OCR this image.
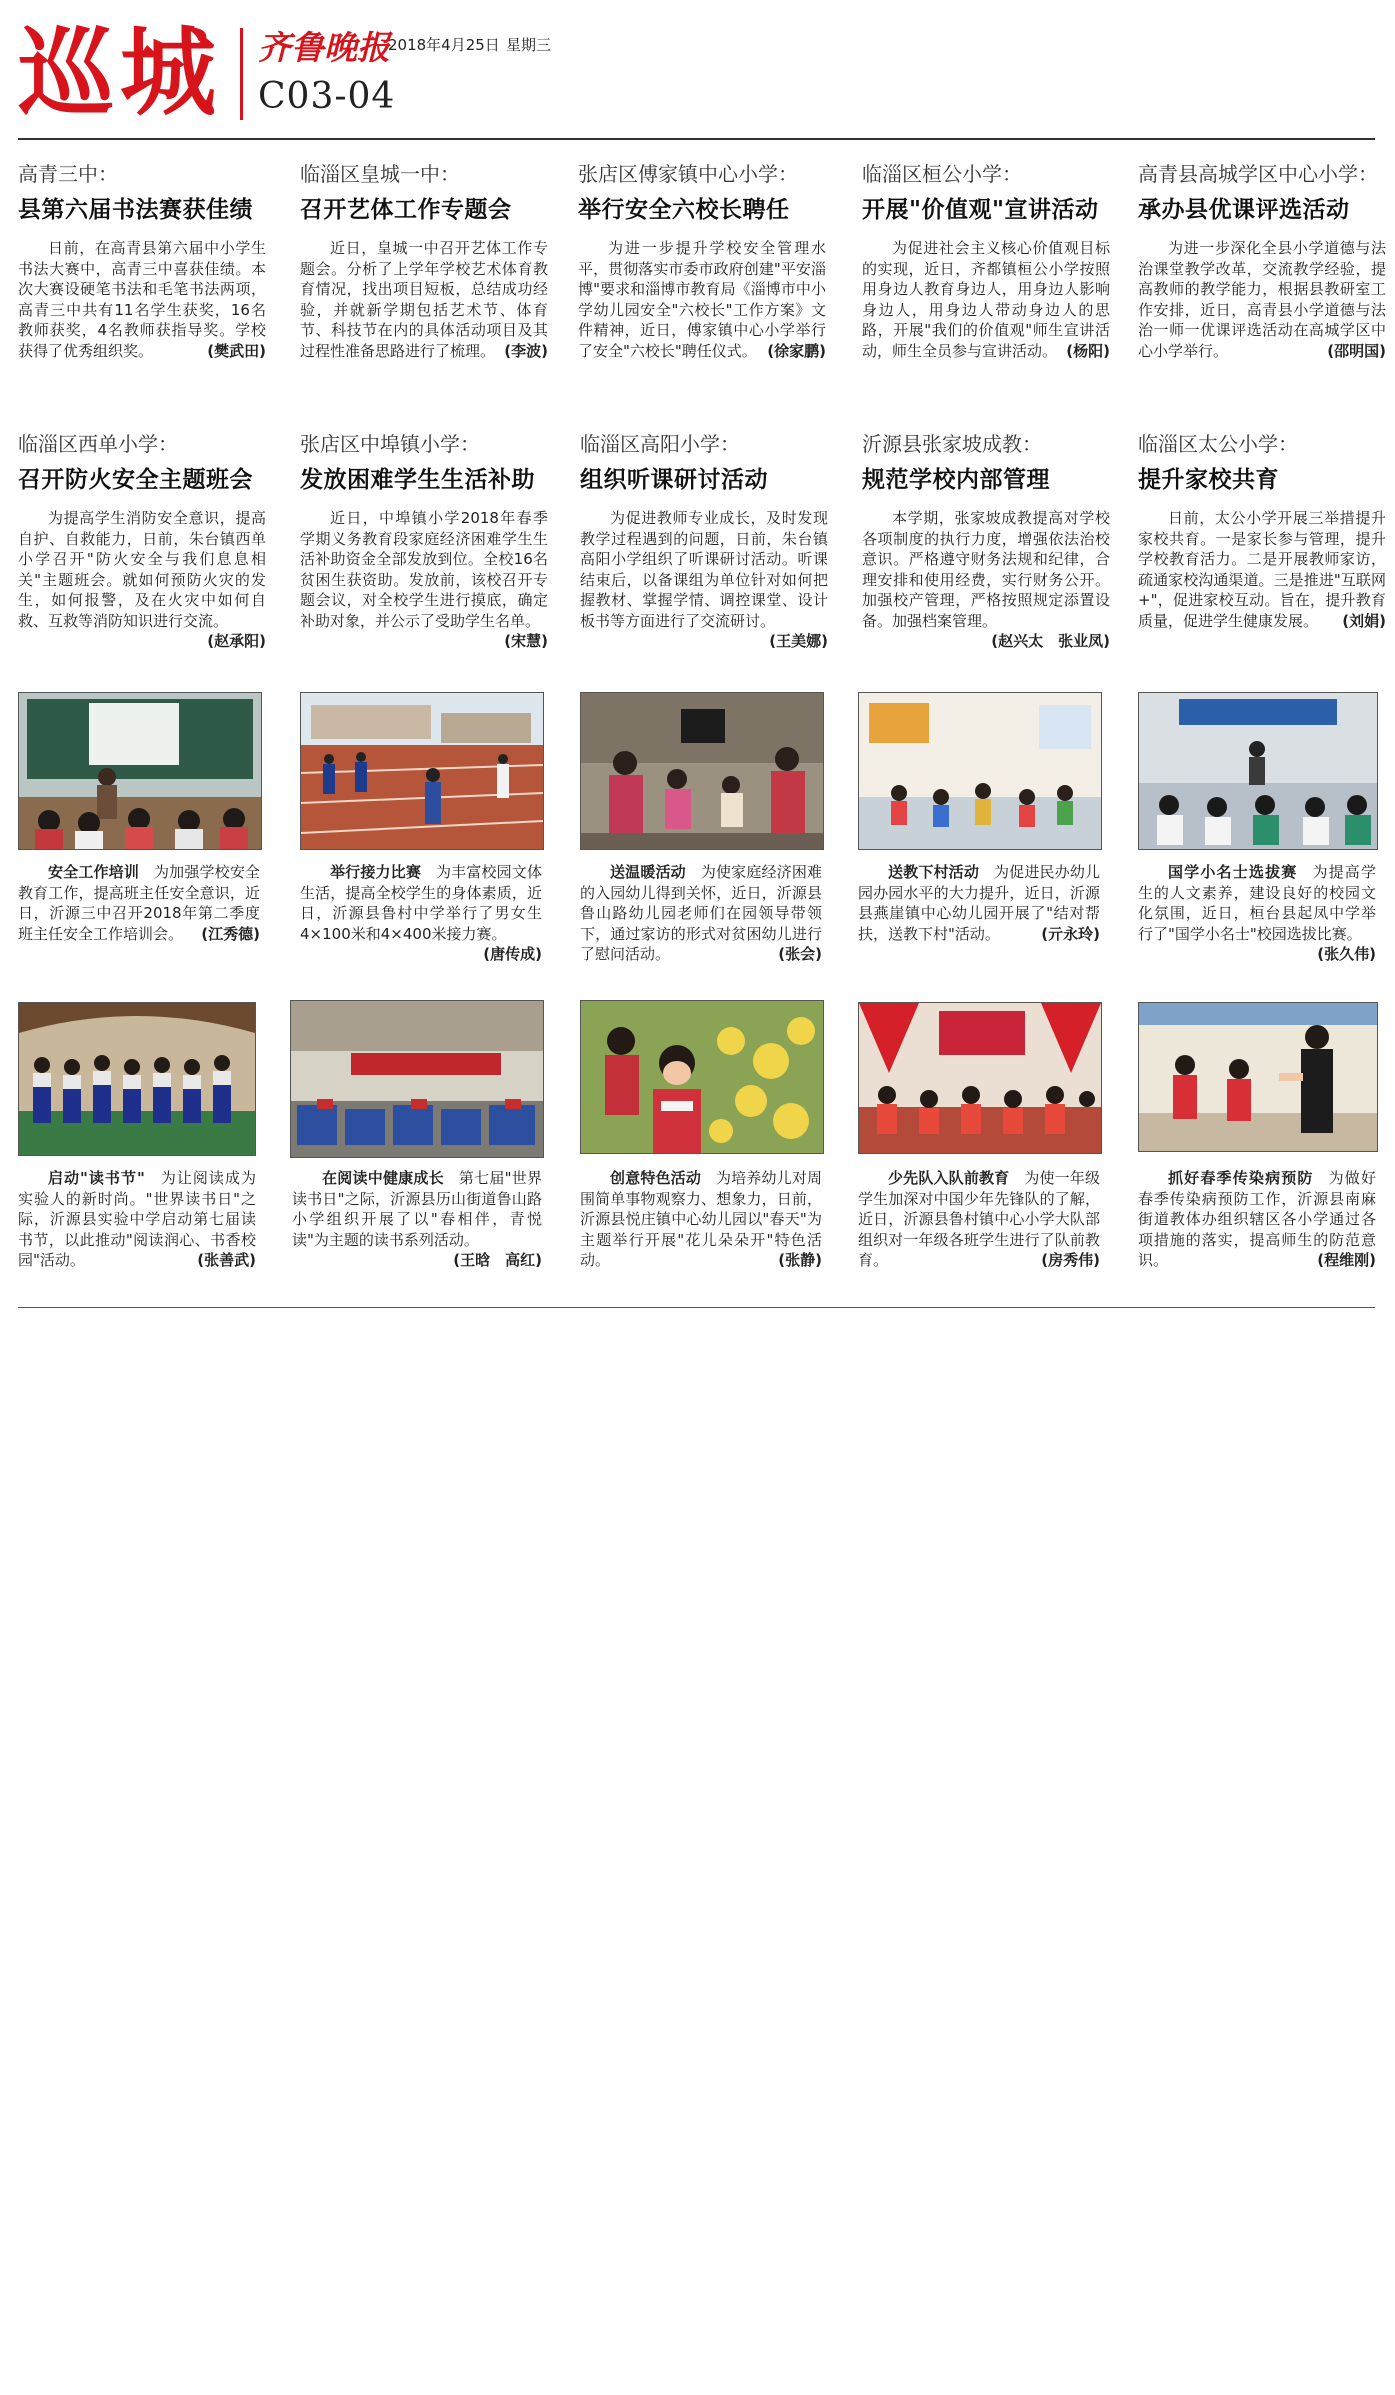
巡城 齐鲁晚报
2018年4月25日 星期三
C03-04
高青三中：
县第六届书法赛获佳绩
日前，在高青县第六届中小学生书法大赛中，高青三中喜获佳绩。本次大赛设硬笔书法和毛笔书法两项，高青三中共有11名学生获奖，16名教师获奖，4名教师获指导奖。学校获得了优秀组织奖。	(樊武田)
临淄区皇城一中：
召开艺体工作专题会
近日，皇城一中召开艺体工作专题会。分析了上学年学校艺术体育教育情况，找出项目短板，总结成功经验，并就新学期包括艺术节、体育节、科技节在内的具体活动项目及其过程性准备思路进行了梳理。 (李波)
张店区傅家镇中心小学：
举行安全六校长聘任
为进一步提升学校安全管理水平，贯彻落实市委市政府创建"平安淄博"要求和淄博市教育局《淄博市中小学幼儿园安全"六校长"工作方案》文件精神，近日，傅家镇中心小学举行了安全"六校长"聘任仪式。 (徐家鹏)
临淄区桓公小学：
开展"价值观"宣讲活动
为促进社会主义核心价值观目标的实现，近日，齐都镇桓公小学按照用身边人教育身边人，用身边人影响身边人，用身边人带动身边人的思路，开展"我们的价值观"师生宣讲活动，师生全员参与宣讲活动。 (杨阳)
高青县高城学区中心小学：
承办县优课评选活动
为进一步深化全县小学道德与法治课堂教学改革，交流教学经验，提高教师的教学能力，根据县教研室工作安排，近日，高青县小学道德与法治一师一优课评选活动在高城学区中心小学举行。	(邵明国)
临淄区西单小学：
召开防火安全主题班会
为提高学生消防安全意识，提高自护、自救能力，日前，朱台镇西单小学召开"防火安全与我们息息相关"主题班会。就如何预防火灾的发生，如何报警，及在火灾中如何自救、互救等消防知识进行交流。
(赵承阳)
张店区中埠镇小学：
发放困难学生生活补助
近日，中埠镇小学2018年春季学期义务教育段家庭经济困难学生生活补助资金全部发放到位。全校16名贫困生获资助。发放前，该校召开专题会议，对全校学生进行摸底，确定补助对象，并公示了受助学生名单。
(宋慧)
临淄区高阳小学：
组织听课研讨活动
为促进教师专业成长，及时发现教学过程遇到的问题，日前，朱台镇高阳小学组织了听课研讨活动。听课结束后，以备课组为单位针对如何把握教材、掌握学情、调控课堂、设计板书等方面进行了交流研讨。
(王美娜)
沂源县张家坡成教：
规范学校内部管理
本学期，张家坡成教提高对学校各项制度的执行力度，增强依法治校意识。严格遵守财务法规和纪律，合理安排和使用经费，实行财务公开。加强校产管理，严格按照规定添置设备。加强档案管理。
(赵兴太　张业凤)
临淄区太公小学：
提升家校共育
日前，太公小学开展三举措提升家校共育。一是家长参与管理，提升学校教育活力。二是开展教师家访，疏通家校沟通渠道。三是推进"互联网+"，促进家校互动。旨在，提升教育质量，促进学生健康发展。 (刘娟)
安全工作培训 为加强学校安全教育工作，提高班主任安全意识，近日，沂源三中召开2018年第二季度班主任安全工作培训会。 (江秀德)
举行接力比赛 为丰富校园文体生活，提高全校学生的身体素质，近日，沂源县鲁村中学举行了男女生4×100米和4×400米接力赛。
(唐传成)
送温暖活动 为使家庭经济困难的入园幼儿得到关怀，近日，沂源县鲁山路幼儿园老师们在园领导带领下，通过家访的形式对贫困幼儿进行了慰问活动。	(张会)
送教下村活动 为促进民办幼儿园办园水平的大力提升，近日，沂源县燕崖镇中心幼儿园开展了"结对帮扶，送教下村"活动。	(亓永玲)
国学小名士选拔赛 为提高学生的人文素养，建设良好的校园文化氛围，近日，桓台县起凤中学举行了"国学小名士"校园选拔比赛。
(张久伟)
启动"读书节" 为让阅读成为实验人的新时尚。"世界读书日"之际，沂源县实验中学启动第七届读书节，以此推动"阅读润心、书香校园"活动。	(张善武)
在阅读中健康成长 第七届"世界读书日"之际，沂源县历山街道鲁山路小学组织开展了以"春相伴，青悦读"为主题的读书系列活动。
(王晗　高红)
创意特色活动 为培养幼儿对周围简单事物观察力、想象力，日前，沂源县悦庄镇中心幼儿园以"春天"为主题举行开展"花儿朵朵开"特色活动。	(张静)
少先队入队前教育 为使一年级学生加深对中国少年先锋队的了解，近日，沂源县鲁村镇中心小学大队部组织对一年级各班学生进行了队前教育。	(房秀伟)
抓好春季传染病预防 为做好春季传染病预防工作，沂源县南麻街道教体办组织辖区各小学通过各项措施的落实，提高师生的防范意识。	(程维刚)
